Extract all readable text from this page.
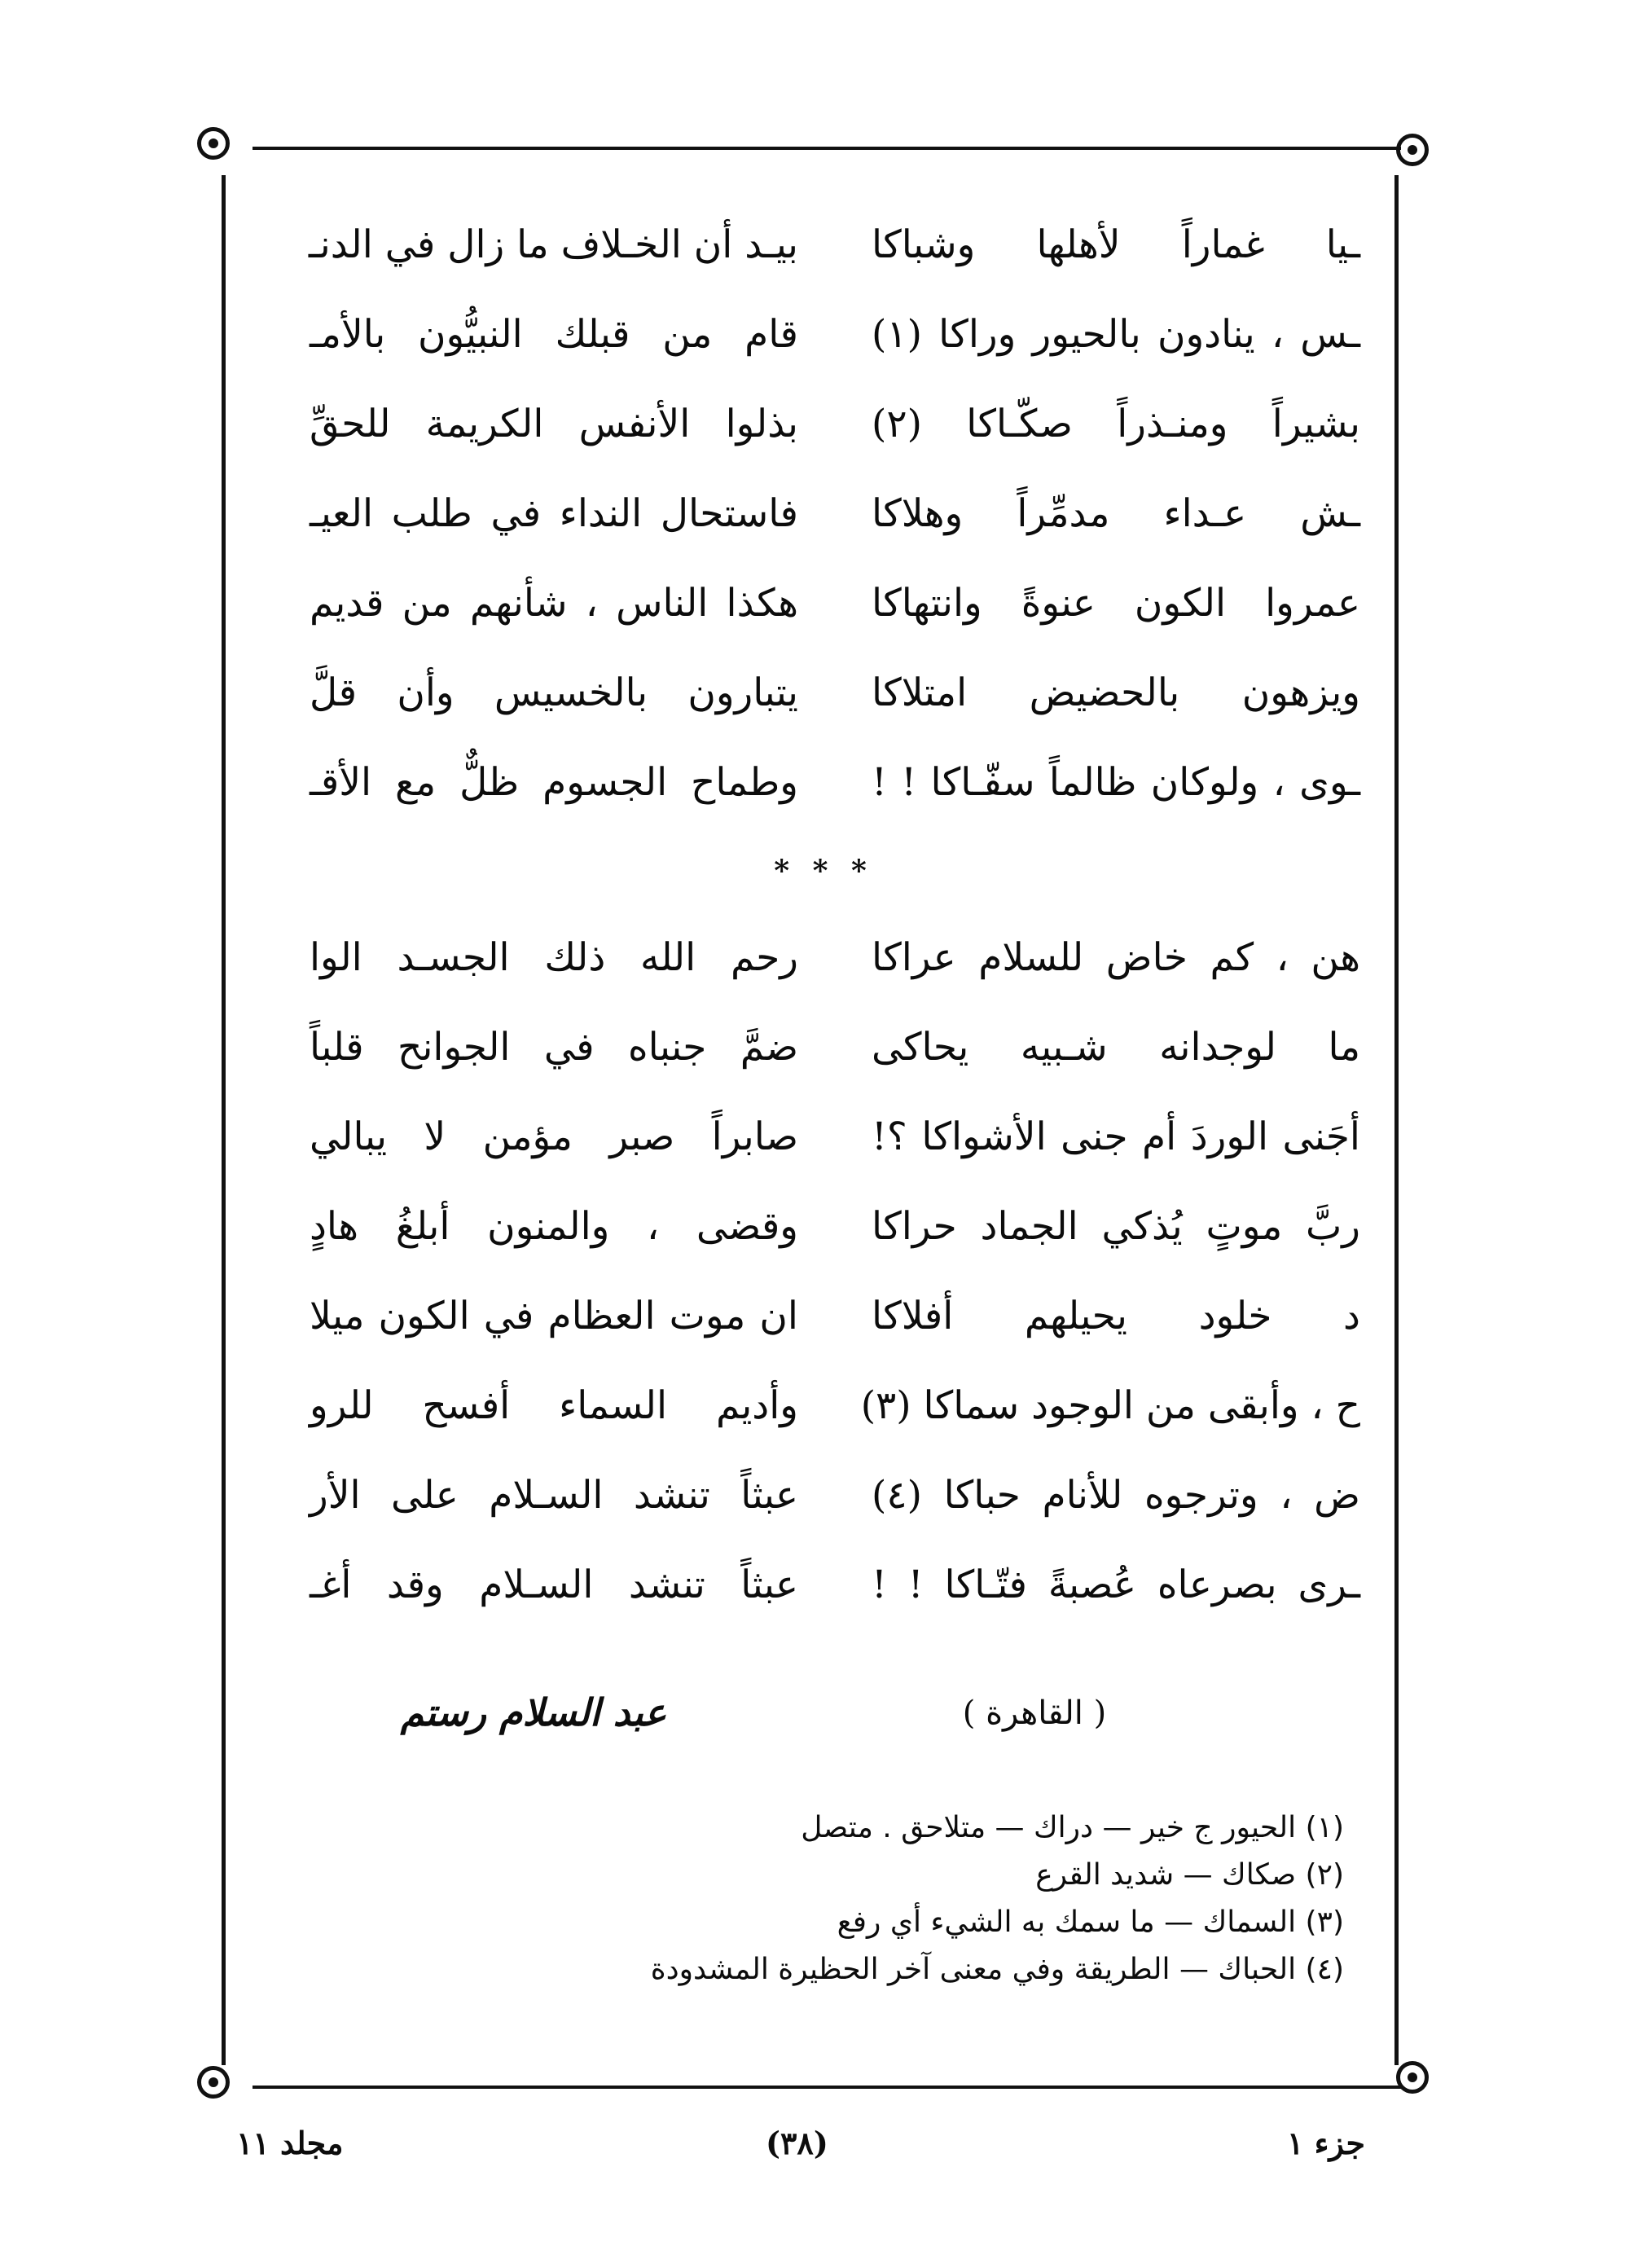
بيـد أن الخـلاف ما زال في الدنـ ـيا غماراً لأهلها وشباكا
قام من قبلك النبيُّون بالأمـ ـس ، ينادون بالحيور وراكا (١)
بذلوا الأنفس الكريمة للحقِّ بشيراً ومنـذراً صكّـاكا (٢)
فاستحال النداء في طلب العيـ ـش عـداء مدمِّراً وهلاكا
هكذا الناس ، شأنهم من قديم عمروا الكون عنوةً وانتهاكا
يتبارون بالخسيس وأن قلَّ ويزهون بالحضيض امتلاكا
وطماح الجسوم ظلٌّ مع الأقـ ـوى ، ولوكان ظالماً سفّـاكا ! !
* * *
رحم الله ذلك الجسـد الوا هن ، كم خاض للسلام عراكا
ضمَّ جنباه في الجوانح قلباً ما لوجدانه شـبيه يحاكى
صابراً صبر مؤمن لا يبالي أجَنى الوردَ أم جنى الأشواكا ؟!
وقضى ، والمنون أبلغُ هادٍ ربَّ موتٍ يُذكي الجماد حراكا
ان موت العظام في الكون ميلا د خلود يحيلهم أفلاكا
وأديم السماء أفسح للرو ح ، وأبقى من الوجود سماكا (٣)
عبثاً تنشد السـلام على الأر ض ، وترجوه للأنام حباكا (٤)
عبثاً تنشد السـلام وقد أغـ ـرى بصرعاه عُصبةً فتّـاكا ! !
( القاهرة )
عبد السلام رستم
(١) الحيور ج خير — دراك — متلاحق . متصل
(٢) صكاك — شديد القرع
(٣) السماك — ما سمك به الشيء أي رفع
(٤) الحباك — الطريقة وفي معنى آخر الحظيرة المشدودة
جزء ١
(٣٨)
مجلد ١١
